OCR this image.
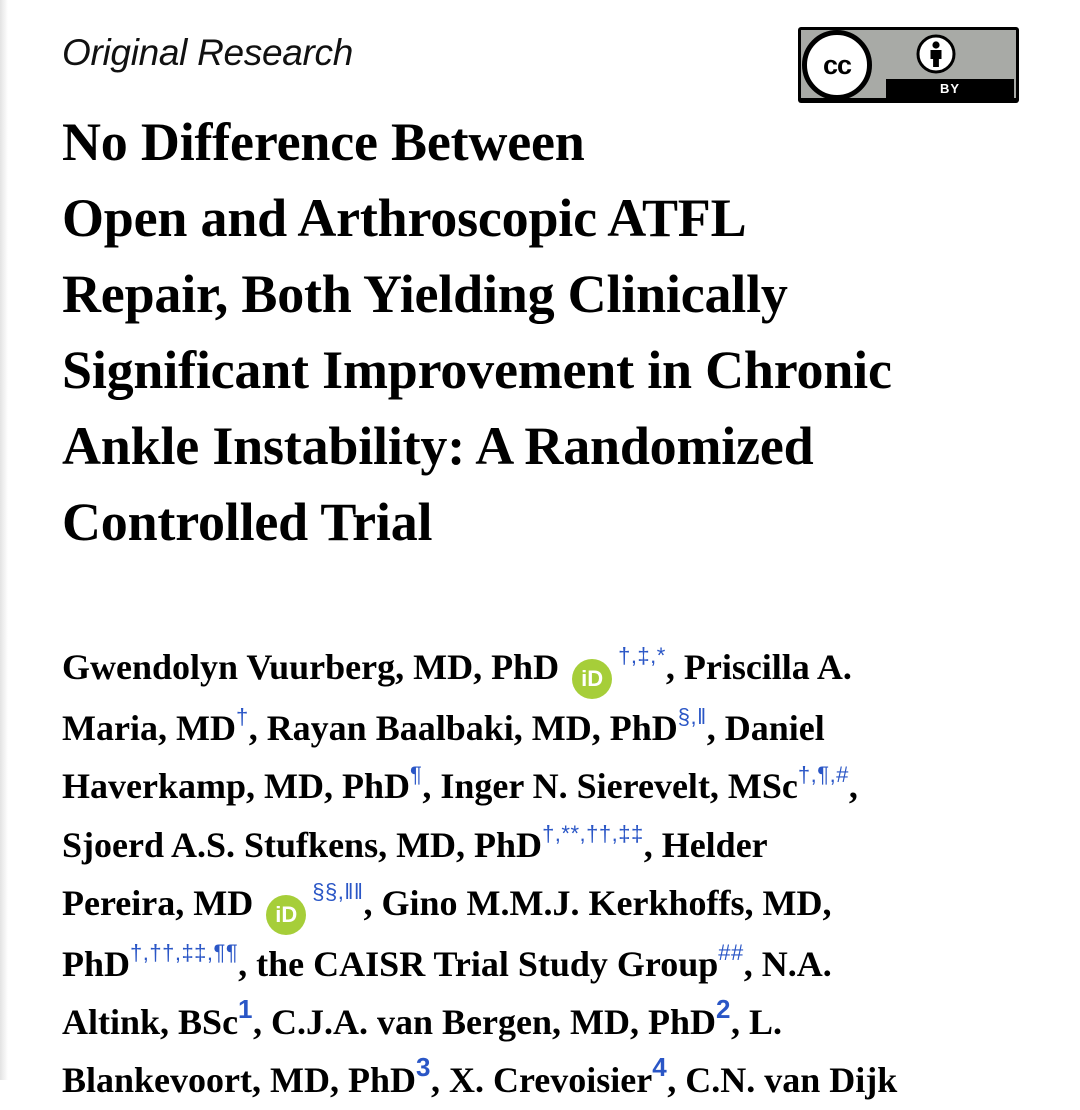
Original Research	cc
BY
No Difference Between
Open and Arthroscopic ATFL
Repair, Both Yielding Clinically
Significant Improvement in Chronic
Ankle Instability: A Randomized
Controlled Trial
Gwendolyn Vuurberg, MD, PhD iD†,‡,*, Priscilla A.
Maria, MD†, Rayan Baalbaki, MD, PhD$^{\S,ǁ}$, Daniel
Haverkamp, MD, PhD¶, Inger N. Sierevelt, MSc†,¶,#,
Sjoerd A.S. Stufkens, MD, PhD†,**,††,‡‡, Helder
Pereira, MD iD$^{\S\S,ǁǁ}$, Gino M.M.J. Kerkhoffs, MD,
PhD†,††,‡‡,¶¶, the CAISR Trial Study Group##, N.A.
Altink, BSc$^1$, C.J.A. van Bergen, MD, PhD$^2$, L.
Blankevoort, MD, PhD$^3$, X. Crevoisier$^4$, C.N. van Dijk
